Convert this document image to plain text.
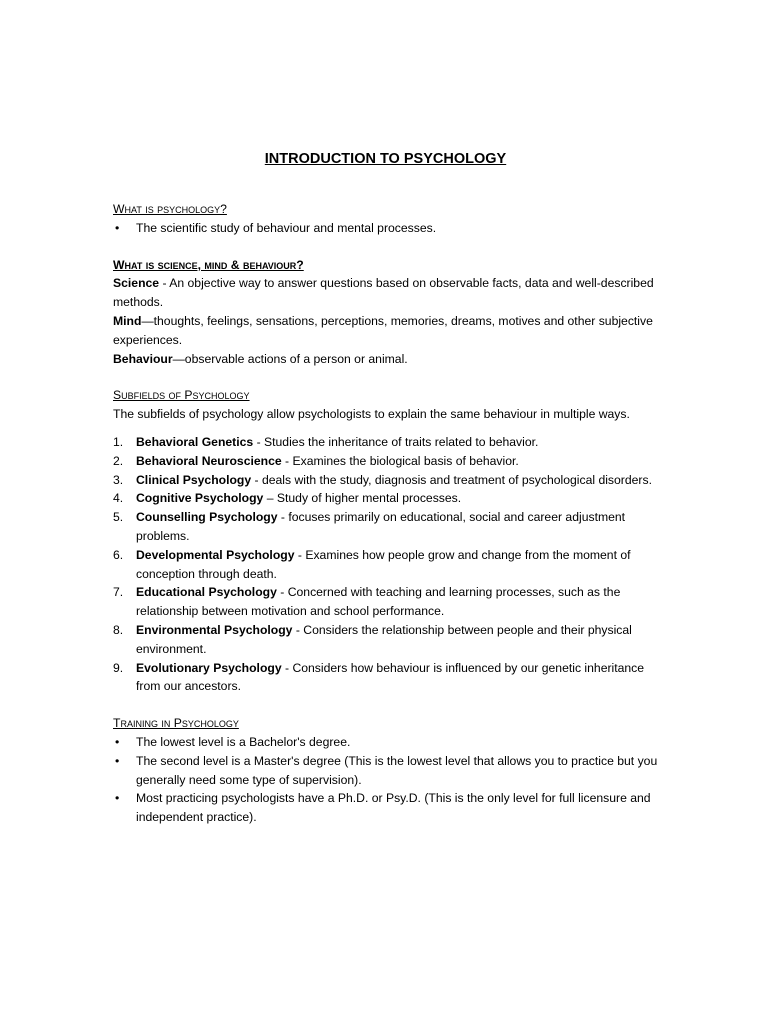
INTRODUCTION TO PSYCHOLOGY

What is psychology?

• The scientific study of behaviour and mental processes.

What is science, mind & behaviour?

Science - An objective way to answer questions based on observable facts, data and well-described methods.

Mind—thoughts, feelings, sensations, perceptions, memories, dreams, motives and other subjective experiences.

Behaviour—observable actions of a person or animal.

Subfields of Psychology

The subfields of psychology allow psychologists to explain the same behaviour in multiple ways.

1. Behavioral Genetics - Studies the inheritance of traits related to behavior.
2. Behavioral Neuroscience - Examines the biological basis of behavior.
3. Clinical Psychology - deals with the study, diagnosis and treatment of psychological disorders.
4. Cognitive Psychology – Study of higher mental processes.
5. Counselling Psychology - focuses primarily on educational, social and career adjustment problems.
6. Developmental Psychology - Examines how people grow and change from the moment of conception through death.
7. Educational Psychology - Concerned with teaching and learning processes, such as the relationship between motivation and school performance.
8. Environmental Psychology - Considers the relationship between people and their physical environment.
9. Evolutionary Psychology - Considers how behaviour is influenced by our genetic inheritance from our ancestors.

Training in Psychology

• The lowest level is a Bachelor's degree.
• The second level is a Master's degree (This is the lowest level that allows you to practice but you generally need some type of supervision).
• Most practicing psychologists have a Ph.D. or Psy.D. (This is the only level for full licensure and independent practice).
